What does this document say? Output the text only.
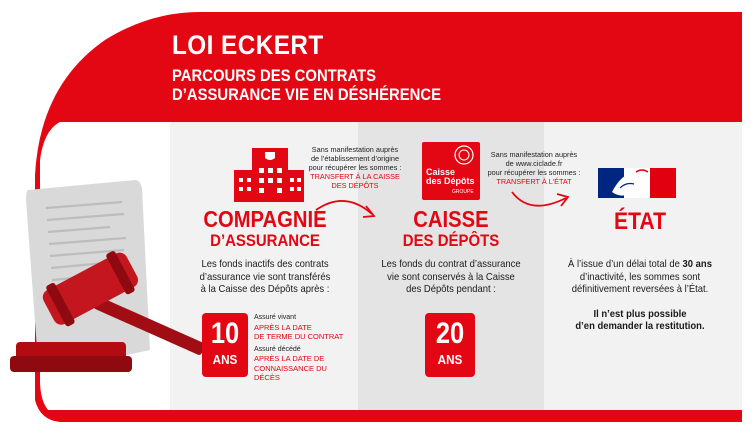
LOI ECKERT
PARCOURS DES CONTRATS
D’ASSURANCE VIE EN DÉSHÉRENCE
Sans manifestation auprès
de l’établissement d’origine
pour récupérer les sommes :
TRANSFERT À LA CAISSE
DES DÉPÔTS
Caisse
des Dépôts
GROUPE
Sans manifestation auprès
de www.ciclade.fr
pour récupérer les sommes :
TRANSFERT À L’ÉTAT
COMPAGNIE
D’ASSURANCE
Les fonds inactifs des contrats
d’assurance vie sont transférés
à la Caisse des Dépôts après :
10
ANS
Assuré vivant
APRÈS LA DATE
DE TERME DU CONTRAT
Assuré décédé
APRÈS LA DATE DE
CONNAISSANCE DU DÉCÈS
CAISSE
DES DÉPÔTS
Les fonds du contrat d’assurance
vie sont conservés à la Caisse
des Dépôts pendant :
20
ANS
ÉTAT
À l’issue d’un délai total de 30 ans
d’inactivité, les sommes sont
définitivement reversées à l’État.
Il n’est plus possible
d’en demander la restitution.
